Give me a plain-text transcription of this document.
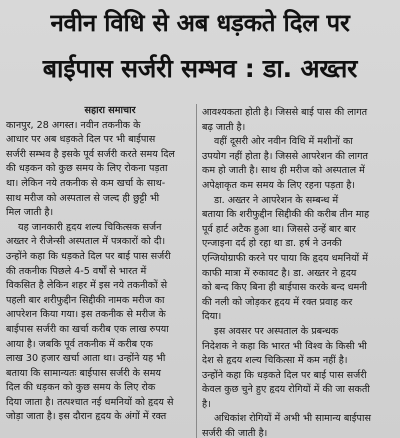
नवीन विधि से अब धड़कते दिल पर
बाईपास सर्जरी सम्भव : डा. अख्तर

सहारा समाचार

कानपुर, 28 अगस्त। नवीन तकनीक के

आधार पर अब धड़कते दिल पर भी बाईपास

सर्जरी सम्भव है इसके पूर्व सर्जरी करते समय दिल

की धड़कन को कुछ समय के लिए रोकना पड़ता

था। लेकिन नये तकनीक से कम खर्चा के साथ-

साथ मरीज को अस्पताल से जल्द ही छुट्टी भी

मिल जाती है।

यह जानकारी हृदय शल्य चिकित्सक सर्जन

अख्तर ने रीजेन्सी अस्पताल में पत्रकारों को दी।

उन्होंने कहा कि धड़कते दिल पर बाई पास सर्जरी

की तकनीक पिछले 4-5 वर्षों से भारत में

विकसित है लेकिन शहर में इस नये तकनीकों से

पहली बार शरीफुद्दीन सिद्दीकी नामक मरीज का

आपरेशन किया गया। इस तकनीक से मरीज के

बाईपास सर्जरी का खर्चा करीब एक लाख रुपया

आया है। जबकि पूर्व तकनीक में करीब एक

लाख 30 हजार खर्चा आता था। उन्होंने यह भी

बताया कि सामान्यतः बाईपास सर्जरी के समय

दिल की धड़कन को कुछ समय के लिए रोक

दिया जाता है। तत्पश्चात नई धमनियों को हृदय से

जोड़ा जाता है। इस दौरान हृदय के अंगों में रक्त

आवश्यकता होती है। जिससे बाई पास की लागत

बढ़ जाती है।

वहीं दूसरी ओर नवीन विधि में मशीनों का

उपयोग नहीं होता है। जिससे आपरेशन की लागत

कम हो जाती है। साथ ही मरीज को अस्पताल में

अपेक्षाकृत कम समय के लिए रहना पड़ता है।

डा. अख्तर ने आपरेशन के सम्बन्ध में

बताया कि शरीफुद्दीन सिद्दीकी की करीब तीन माह

पूर्व हार्ट अटैक हुआ था। जिससे उन्हें बार बार

एन्जाइना दर्द हो रहा था डा. हर्ष ने उनकी

एन्जियोग्राफी करने पर पाया कि हृदय धमनियों में

काफी मात्रा में रुकावट है। डा. अख्तर ने हृदय

को बन्द किए बिना ही बाईपास करके बन्द धमनी

की नली को जोड़कर हृदय में रक्त प्रवाह कर

दिया।

इस अवसर पर अस्पताल के प्रबन्धक

निदेशक ने कहा कि भारत भी विश्व के किसी भी

देश से हृदय शल्य चिकित्सा में कम नहीं है।

उन्होंने कहा कि धड़कते दिल पर बाई पास सर्जरी

केवल कुछ चुने हुए हृदय रोगियों में की जा सकती

है।

अधिकांश रोगियों में अभी भी सामान्य बाईपास

सर्जरी की जाती है।
